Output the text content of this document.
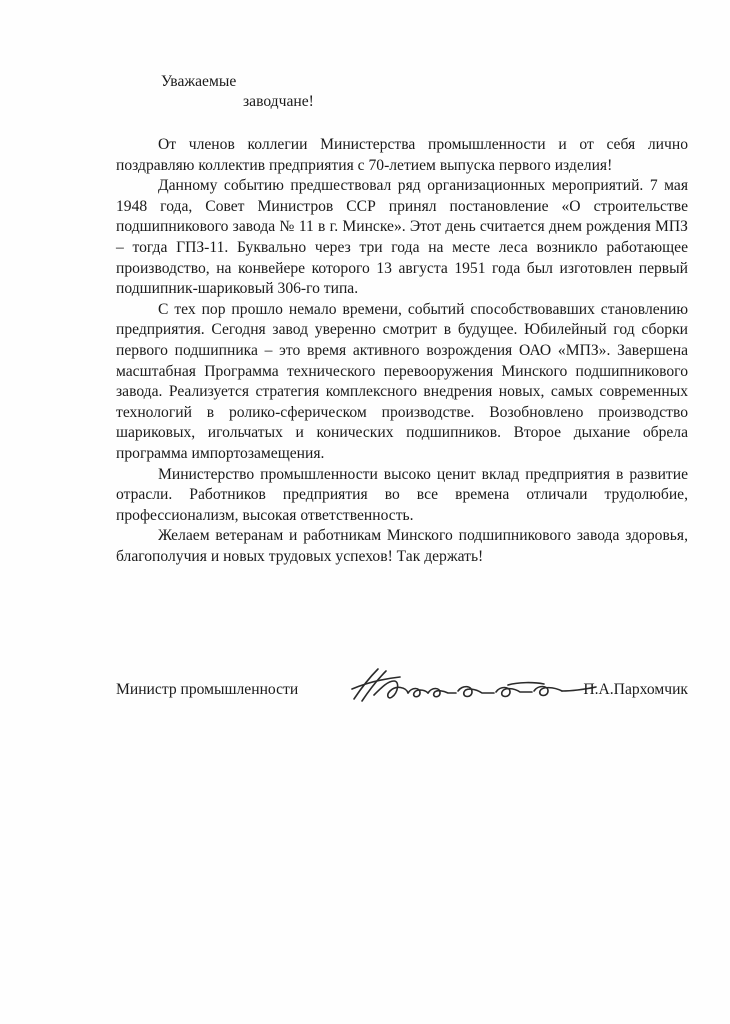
Уважаемые
заводчане!

От членов коллегии Министерства промышленности и от себя лично поздравляю коллектив предприятия с 70-летием выпуска первого изделия!

Данному событию предшествовал ряд организационных мероприятий. 7 мая 1948 года, Совет Министров ССР принял постановление «О строительстве подшипникового завода № 11 в г. Минске». Этот день считается днем рождения МПЗ – тогда ГПЗ-11. Буквально через три года на месте леса возникло работающее производство, на конвейере которого 13 августа 1951 года был изготовлен первый подшипник-шариковый 306-го типа.

С тех пор прошло немало времени, событий способствовавших становлению предприятия. Сегодня завод уверенно смотрит в будущее. Юбилейный год сборки первого подшипника – это время активного возрождения ОАО «МПЗ». Завершена масштабная Программа технического перевооружения Минского подшипникового завода. Реализуется стратегия комплексного внедрения новых, самых современных технологий в ролико-сферическом производстве. Возобновлено производство шариковых, игольчатых и конических подшипников. Второе дыхание обрела программа импортозамещения.

Министерство промышленности высоко ценит вклад предприятия в развитие отрасли. Работников предприятия во все времена отличали трудолюбие, профессионализм, высокая ответственность.

Желаем ветеранам и работникам Минского подшипникового завода здоровья, благополучия и новых трудовых успехов! Так держать!

Министр промышленности	П.А.Пархомчик
